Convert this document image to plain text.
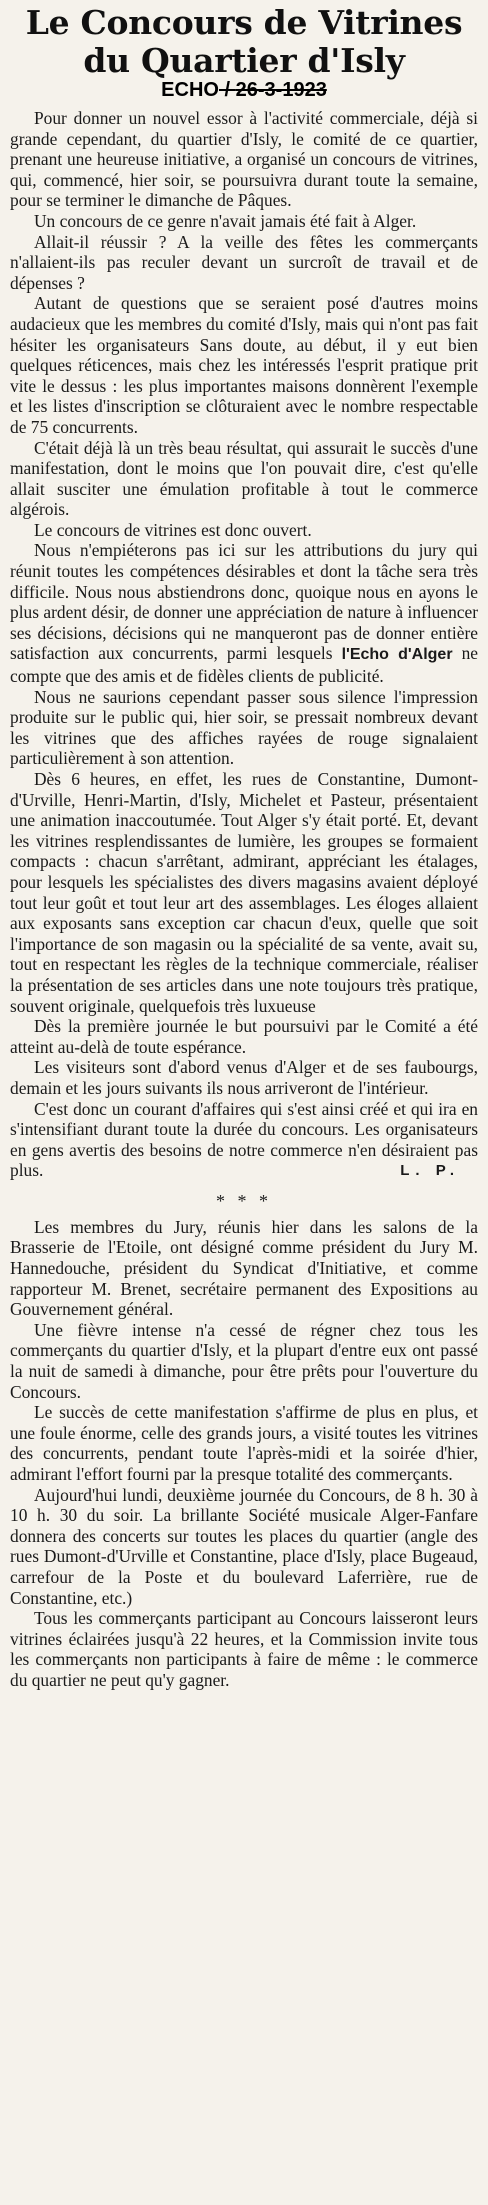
Le Concours de Vitrines
du Quartier d'Isly
ECHO / 26-3-1923

Pour donner un nouvel essor à l'activité commerciale, déjà si grande cependant, du quartier d'Isly, le comité de ce quartier, prenant une heureuse initiative, a organisé un concours de vitrines, qui, commencé, hier soir, se poursuivra durant toute la semaine, pour se terminer le dimanche de Pâques.

Un concours de ce genre n'avait jamais été fait à Alger.

Allait-il réussir ? A la veille des fêtes les commerçants n'allaient-ils pas reculer devant un surcroît de travail et de dépenses ?

Autant de questions que se seraient posé d'autres moins audacieux que les membres du comité d'Isly, mais qui n'ont pas fait hésiter les organisateurs Sans doute, au début, il y eut bien quelques réticences, mais chez les intéressés l'esprit pratique prit vite le dessus : les plus importantes maisons donnèrent l'exemple et les listes d'inscription se clôturaient avec le nombre respectable de 75 concurrents.

C'était déjà là un très beau résultat, qui assurait le succès d'une manifestation, dont le moins que l'on pouvait dire, c'est qu'elle allait susciter une émulation profitable à tout le commerce algérois.

Le concours de vitrines est donc ouvert.

Nous n'empiéterons pas ici sur les attributions du jury qui réunit toutes les compétences désirables et dont la tâche sera très difficile. Nous nous abstiendrons donc, quoique nous en ayons le plus ardent désir, de donner une appréciation de nature à influencer ses décisions, décisions qui ne manqueront pas de donner entière satisfaction aux concurrents, parmi lesquels l'Echo d'Alger ne compte que des amis et de fidèles clients de publicité.

Nous ne saurions cependant passer sous silence l'impression produite sur le public qui, hier soir, se pressait nombreux devant les vitrines que des affiches rayées de rouge signalaient particulièrement à son attention.

Dès 6 heures, en effet, les rues de Constantine, Dumont-d'Urville, Henri-Martin, d'Isly, Michelet et Pasteur, présentaient une animation inaccoutumée. Tout Alger s'y était porté. Et, devant les vitrines resplendissantes de lumière, les groupes se formaient compacts : chacun s'arrêtant, admirant, appréciant les étalages, pour lesquels les spécialistes des divers magasins avaient déployé tout leur goût et tout leur art des assemblages. Les éloges allaient aux exposants sans exception car chacun d'eux, quelle que soit l'importance de son magasin ou la spécialité de sa vente, avait su, tout en respectant les règles de la technique commerciale, réaliser la présentation de ses articles dans une note toujours très pratique, souvent originale, quelquefois très luxueuse

Dès la première journée le but poursuivi par le Comité a été atteint au-delà de toute espérance.

Les visiteurs sont d'abord venus d'Alger et de ses faubourgs, demain et les jours suivants ils nous arriveront de l'intérieur.

C'est donc un courant d'affaires qui s'est ainsi créé et qui ira en s'intensifiant durant toute la durée du concours. Les organisateurs en gens avertis des besoins de notre commerce n'en désiraient pas plus.	L. P.
* * *

Les membres du Jury, réunis hier dans les salons de la Brasserie de l'Etoile, ont désigné comme président du Jury M. Hannedouche, président du Syndicat d'Initiative, et comme rapporteur M. Brenet, secrétaire permanent des Expositions au Gouvernement général.

Une fièvre intense n'a cessé de régner chez tous les commerçants du quartier d'Isly, et la plupart d'entre eux ont passé la nuit de samedi à dimanche, pour être prêts pour l'ouverture du Concours.

Le succès de cette manifestation s'affirme de plus en plus, et une foule énorme, celle des grands jours, a visité toutes les vitrines des concurrents, pendant toute l'après-midi et la soirée d'hier, admirant l'effort fourni par la presque totalité des commerçants.

Aujourd'hui lundi, deuxième journée du Concours, de 8 h. 30 à 10 h. 30 du soir. La brillante Société musicale Alger-Fanfare donnera des concerts sur toutes les places du quartier (angle des rues Dumont-d'Urville et Constantine, place d'Isly, place Bugeaud, carrefour de la Poste et du boulevard Laferrière, rue de Constantine, etc.)

Tous les commerçants participant au Concours laisseront leurs vitrines éclairées jusqu'à 22 heures, et la Commission invite tous les commerçants non participants à faire de même : le commerce du quartier ne peut qu'y gagner.
